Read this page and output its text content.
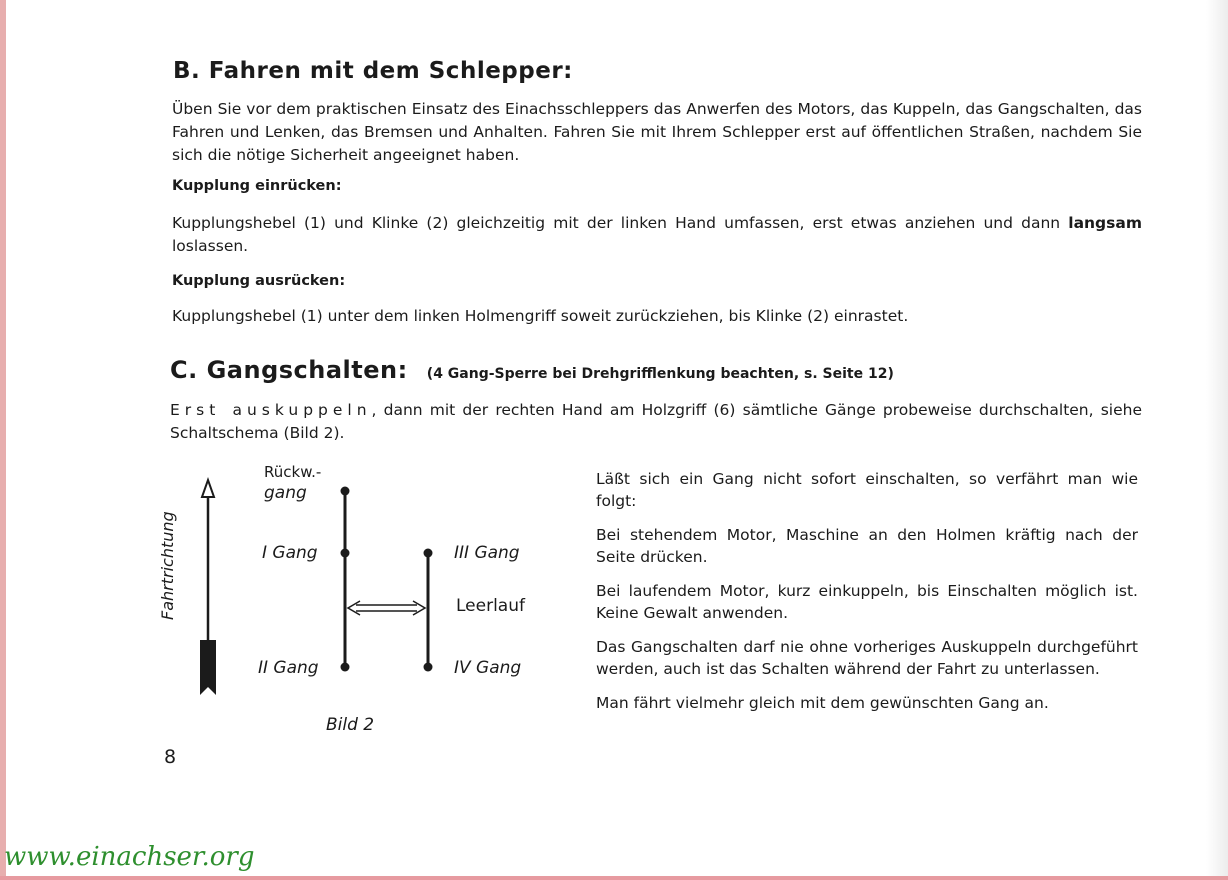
B. Fahren mit dem Schlepper:
Üben Sie vor dem praktischen Einsatz des Einachsschleppers das Anwerfen des Motors, das Kuppeln, das Gangschalten, das Fahren und Lenken, das Bremsen und Anhalten. Fahren Sie mit Ihrem Schlepper erst auf öffentlichen Straßen, nachdem Sie sich die nötige Sicherheit angeeignet haben.
Kupplung einrücken:
Kupplungshebel (1) und Klinke (2) gleichzeitig mit der linken Hand umfassen, erst etwas anziehen und dann langsam loslassen.
Kupplung ausrücken:
Kupplungshebel (1) unter dem linken Holmengriff soweit zurückziehen, bis Klinke (2) einrastet.
C. Gangschalten: (4 Gang-Sperre bei Drehgrifflenkung beachten, s. Seite 12)
Erst auskuppeln, dann mit der rechten Hand am Holzgriff (6) sämtliche Gänge probeweise durchschalten, siehe Schaltschema (Bild 2).
Fahrtrichtung
Rückw.-
gang
I Gang
II Gang
III Gang
IV Gang
Leerlauf
Bild 2
Läßt sich ein Gang nicht sofort einschalten, so verfährt man wie folgt:
Bei stehendem Motor, Maschine an den Holmen kräftig nach der Seite drücken.
Bei laufendem Motor, kurz einkuppeln, bis Einschalten möglich ist. Keine Gewalt anwenden.
Das Gangschalten darf nie ohne vorheriges Auskuppeln durchgeführt werden, auch ist das Schalten während der Fahrt zu unterlassen.
Man fährt vielmehr gleich mit dem gewünschten Gang an.
8
www.einachser.org
